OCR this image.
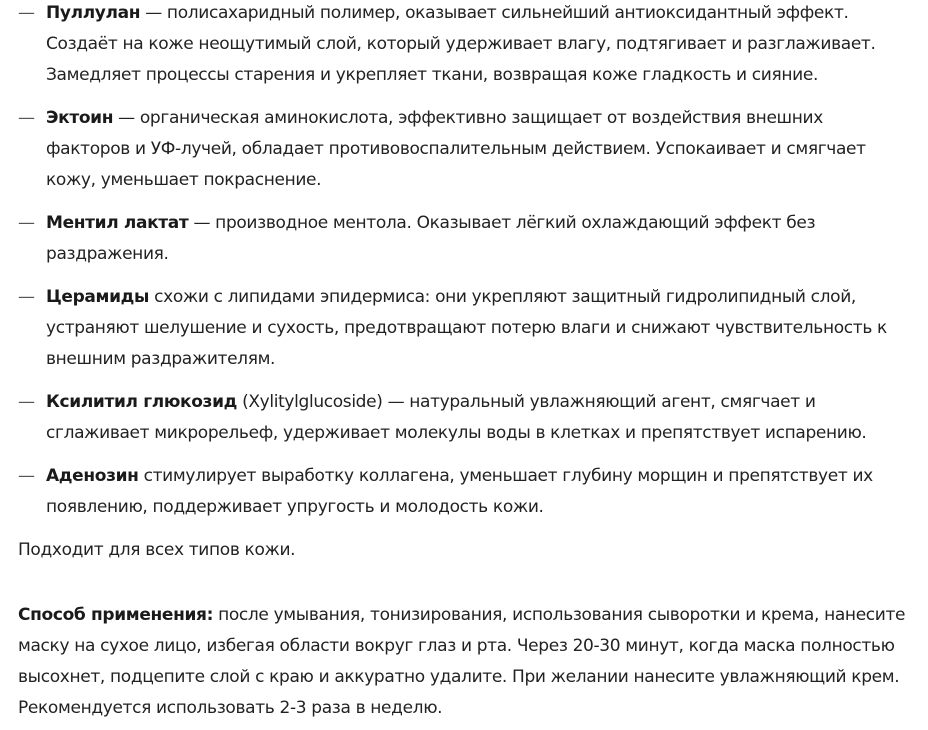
— Пуллулан — полисахаридный полимер, оказывает сильнейший антиоксидантный эффект. Создаёт на коже неощутимый слой, который удерживает влагу, подтягивает и разглаживает. Замедляет процессы старения и укрепляет ткани, возвращая коже гладкость и сияние.
— Эктоин — органическая аминокислота, эффективно защищает от воздействия внешних факторов и УФ-лучей, обладает противовоспалительным действием. Успокаивает и смягчает кожу, уменьшает покраснение.
— Ментил лактат — производное ментола. Оказывает лёгкий охлаждающий эффект без раздражения.
— Церамиды схожи с липидами эпидермиса: они укрепляют защитный гидролипидный слой, устраняют шелушение и сухость, предотвращают потерю влаги и снижают чувствительность к внешним раздражителям.
— Ксилитил глюкозид (Xylitylglucoside) — натуральный увлажняющий агент, смягчает и сглаживает микрорельеф, удерживает молекулы воды в клетках и препятствует испарению.
— Аденозин стимулирует выработку коллагена, уменьшает глубину морщин и препятствует их появлению, поддерживает упругость и молодость кожи.

Подходит для всех типов кожи.

Способ применения: после умывания, тонизирования, использования сыворотки и крема, нанесите маску на сухое лицо, избегая области вокруг глаз и рта. Через 20-30 минут, когда маска полностью высохнет, подцепите слой с краю и аккуратно удалите. При желании нанесите увлажняющий крем. Рекомендуется использовать 2-3 раза в неделю.
